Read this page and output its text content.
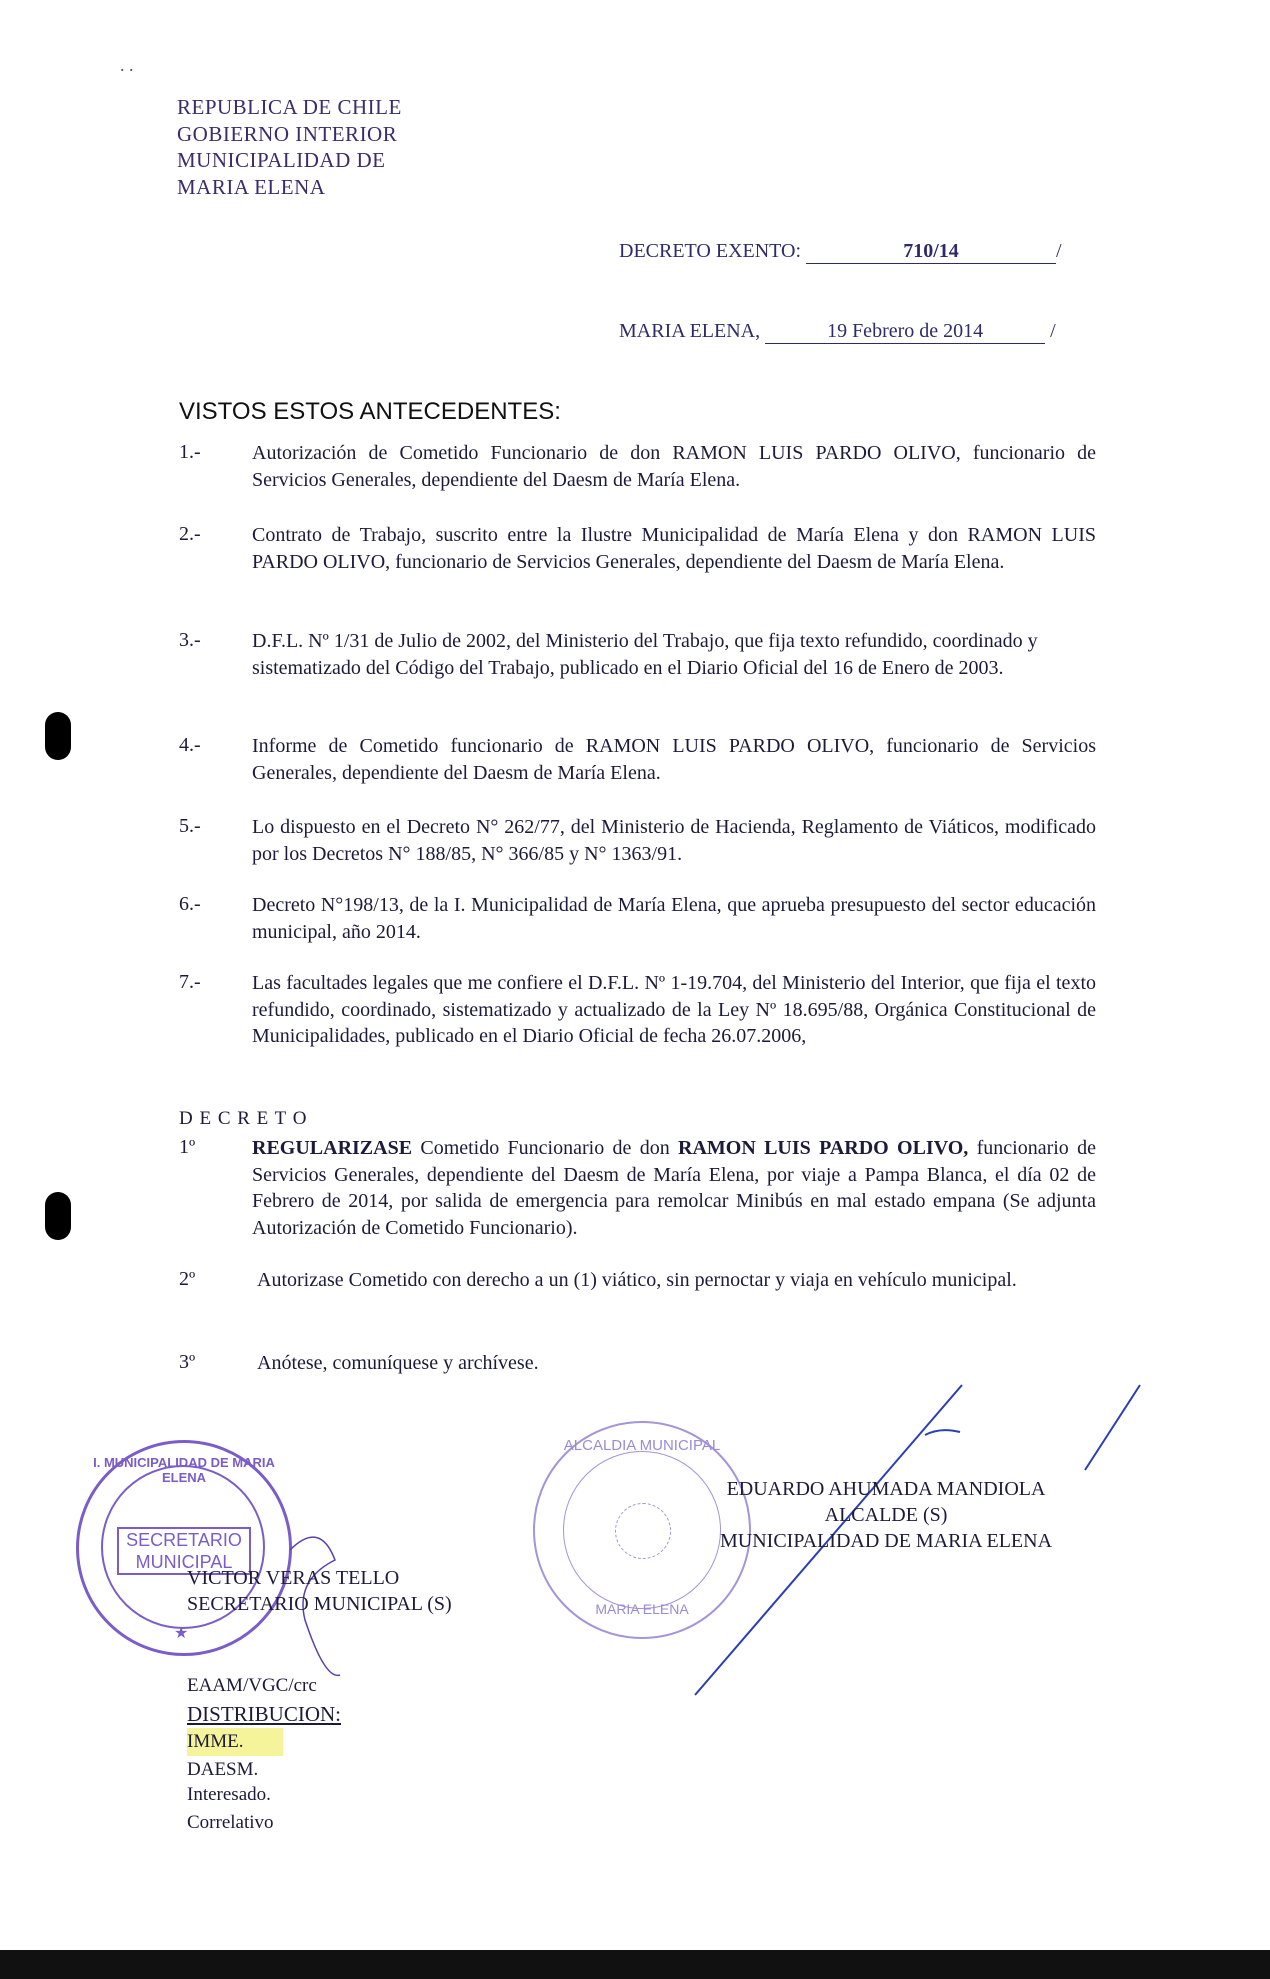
. .
REPUBLICA DE CHILE
GOBIERNO INTERIOR
MUNICIPALIDAD DE
MARIA ELENA
DECRETO EXENTO:	710/14	/
MARIA ELENA,	19 Febrero de 2014	/
VISTOS ESTOS ANTECEDENTES:
1.-	Autorización de Cometido Funcionario de don RAMON LUIS PARDO OLIVO, funcionario de Servicios Generales, dependiente del Daesm de María Elena.
2.-	Contrato de Trabajo, suscrito entre la Ilustre Municipalidad de María Elena y don RAMON LUIS PARDO OLIVO, funcionario de Servicios Generales, dependiente del Daesm de María Elena.
3.-	D.F.L. Nº 1/31 de Julio de 2002, del Ministerio del Trabajo, que fija texto refundido, coordinado y sistematizado del Código del Trabajo, publicado en el Diario Oficial del 16 de Enero de 2003.
4.-	Informe de Cometido funcionario de RAMON LUIS PARDO OLIVO, funcionario de Servicios Generales, dependiente del Daesm de María Elena.
5.-	Lo dispuesto en el Decreto N° 262/77, del Ministerio de Hacienda, Reglamento de Viáticos, modificado por los Decretos N° 188/85, N° 366/85 y N° 1363/91.
6.-	Decreto N°198/13, de la I. Municipalidad de María Elena, que aprueba presupuesto del sector educación municipal, año 2014.
7.-	Las facultades legales que me confiere el D.F.L. Nº 1-19.704, del Ministerio del Interior, que fija el texto refundido, coordinado, sistematizado y actualizado de la Ley Nº 18.695/88, Orgánica Constitucional de Municipalidades, publicado en el Diario Oficial de fecha 26.07.2006,
D E C R E T O
1º	REGULARIZASE Cometido Funcionario de don RAMON LUIS PARDO OLIVO, funcionario de Servicios Generales, dependiente del Daesm de María Elena, por viaje a Pampa Blanca, el día 02 de Febrero de 2014, por salida de emergencia para remolcar Minibús en mal estado empana (Se adjunta Autorización de Cometido Funcionario).
2º	Autorizase Cometido con derecho a un (1) viático, sin pernoctar y viaja en vehículo municipal.
3º	Anótese, comuníquese y archívese.
I. MUNICIPALIDAD DE MARIA ELENA
SECRETARIO
MUNICIPAL
★
ALCALDIA MUNICIPAL
MARIA ELENA
EDUARDO AHUMADA MANDIOLA
ALCALDE (S)
MUNICIPALIDAD DE MARIA ELENA
VICTOR VERAS TELLO
SECRETARIO MUNICIPAL (S)
EAAM/VGC/crc
DISTRIBUCION:
IMME.
DAESM.
Interesado.
Correlativo
